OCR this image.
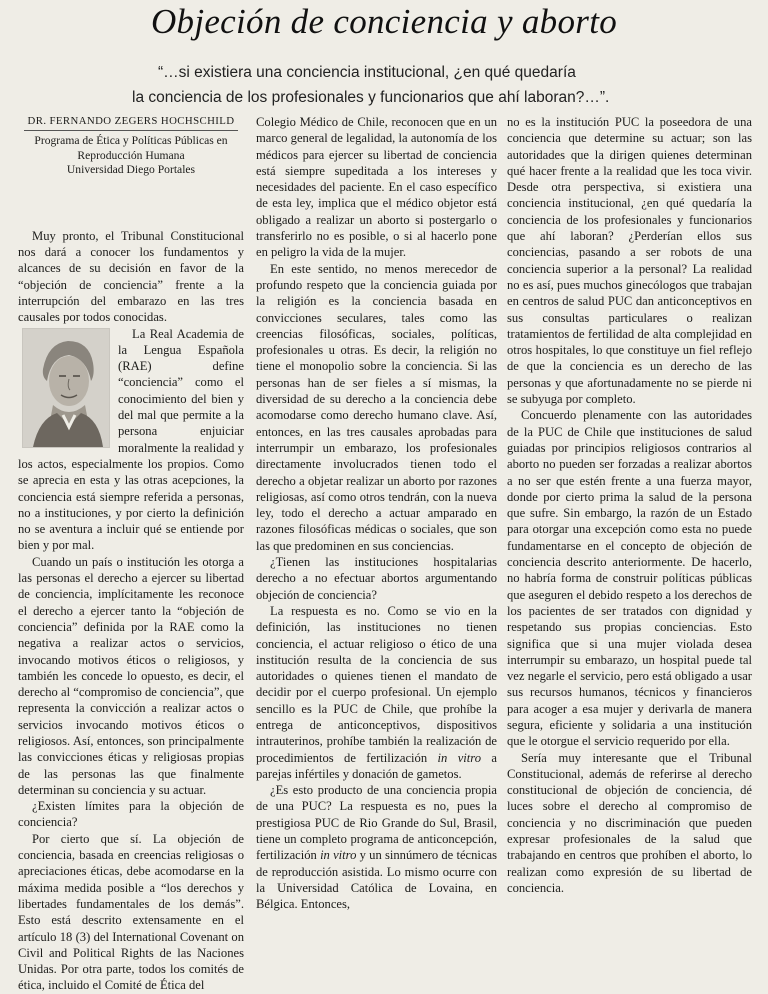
Objeción de conciencia y aborto
“…si existiera una conciencia institucional, ¿en qué quedaría
la conciencia de los profesionales y funcionarios que ahí laboran?…”.
DR. FERNANDO ZEGERS HOCHSCHILD
Programa de Ética y Políticas Públicas en
Reproducción Humana
Universidad Diego Portales

Muy pronto, el Tribunal Constitucional nos dará a conocer los fundamentos y alcances de su decisión en favor de la “objeción de conciencia” frente a la interrupción del embarazo en las tres causales por todos conocidas.

La Real Academia de la Lengua Española (RAE) define “conciencia” como el conocimiento del bien y del mal que permite a la persona enjuiciar moralmente la realidad y los actos, especialmente los propios. Como se aprecia en esta y las otras acepciones, la conciencia está siempre referida a personas, no a instituciones, y por cierto la definición no se aventura a incluir qué se entiende por bien y por mal.

Cuando un país o institución les otorga a las personas el derecho a ejercer su libertad de conciencia, implícitamente les reconoce el derecho a ejercer tanto la “objeción de conciencia” definida por la RAE como la negativa a realizar actos o servicios, invocando motivos éticos o religiosos, y también les concede lo opuesto, es decir, el derecho al “compromiso de conciencia”, que representa la convicción a realizar actos o servicios invocando motivos éticos o religiosos. Así, entonces, son principalmente las convicciones éticas y religiosas propias de las personas las que finalmente determinan su conciencia y su actuar.

¿Existen límites para la objeción de conciencia?

Por cierto que sí. La objeción de conciencia, basada en creencias religiosas o apreciaciones éticas, debe acomodarse en la máxima medida posible a “los derechos y libertades fundamentales de los demás”. Esto está descrito extensamente en el artículo 18 (3) del International Covenant on Civil and Political Rights de las Naciones Unidas. Por otra parte, todos los comités de ética, incluido el Comité de Ética del

Colegio Médico de Chile, reconocen que en un marco general de legalidad, la autonomía de los médicos para ejercer su libertad de conciencia está siempre supeditada a los intereses y necesidades del paciente. En el caso específico de esta ley, implica que el médico objetor está obligado a realizar un aborto si postergarlo o transferirlo no es posible, o si al hacerlo pone en peligro la vida de la mujer.

En este sentido, no menos merecedor de profundo respeto que la conciencia guiada por la religión es la conciencia basada en convicciones seculares, tales como las creencias filosóficas, sociales, políticas, profesionales u otras. Es decir, la religión no tiene el monopolio sobre la conciencia. Si las personas han de ser fieles a sí mismas, la diversidad de su derecho a la conciencia debe acomodarse como derecho humano clave. Así, entonces, en las tres causales aprobadas para interrumpir un embarazo, los profesionales directamente involucrados tienen todo el derecho a objetar realizar un aborto por razones religiosas, así como otros tendrán, con la nueva ley, todo el derecho a actuar amparado en razones filosóficas médicas o sociales, que son las que predominen en sus conciencias.

¿Tienen las instituciones hospitalarias derecho a no efectuar abortos argumentando objeción de conciencia?

La respuesta es no. Como se vio en la definición, las instituciones no tienen conciencia, el actuar religioso o ético de una institución resulta de la conciencia de sus autoridades o quienes tienen el mandato de decidir por el cuerpo profesional. Un ejemplo sencillo es la PUC de Chile, que prohíbe la entrega de anticonceptivos, dispositivos intrauterinos, prohíbe también la realización de procedimientos de fertilización in vitro a parejas infértiles y donación de gametos.

¿Es esto producto de una conciencia propia de una PUC? La respuesta es no, pues la prestigiosa PUC de Rio Grande do Sul, Brasil, tiene un completo programa de anticoncepción, fertilización in vitro y un sinnúmero de técnicas de reproducción asistida. Lo mismo ocurre con la Universidad Católica de Lovaina, en Bélgica. Entonces,

no es la institución PUC la poseedora de una conciencia que determine su actuar; son las autoridades que la dirigen quienes determinan qué hacer frente a la realidad que les toca vivir. Desde otra perspectiva, si existiera una conciencia institucional, ¿en qué quedaría la conciencia de los profesionales y funcionarios que ahí laboran? ¿Perderían ellos sus conciencias, pasando a ser robots de una conciencia superior a la personal? La realidad no es así, pues muchos ginecólogos que trabajan en centros de salud PUC dan anticonceptivos en sus consultas particulares o realizan tratamientos de fertilidad de alta complejidad en otros hospitales, lo que constituye un fiel reflejo de que la conciencia es un derecho de las personas y que afortunadamente no se pierde ni se subyuga por completo.

Concuerdo plenamente con las autoridades de la PUC de Chile que instituciones de salud guiadas por principios religiosos contrarios al aborto no pueden ser forzadas a realizar abortos a no ser que estén frente a una fuerza mayor, donde por cierto prima la salud de la persona que sufre. Sin embargo, la razón de un Estado para otorgar una excepción como esta no puede fundamentarse en el concepto de objeción de conciencia descrito anteriormente. De hacerlo, no habría forma de construir políticas públicas que aseguren el debido respeto a los derechos de los pacientes de ser tratados con dignidad y respetando sus propias conciencias. Esto significa que si una mujer violada desea interrumpir su embarazo, un hospital puede tal vez negarle el servicio, pero está obligado a usar sus recursos humanos, técnicos y financieros para acoger a esa mujer y derivarla de manera segura, eficiente y solidaria a una institución que le otorgue el servicio requerido por ella.

Sería muy interesante que el Tribunal Constitucional, además de referirse al derecho constitucional de objeción de conciencia, dé luces sobre el derecho al compromiso de conciencia y no discriminación que pueden expresar profesionales de la salud que trabajando en centros que prohíben el aborto, lo realizan como expresión de su libertad de conciencia.
